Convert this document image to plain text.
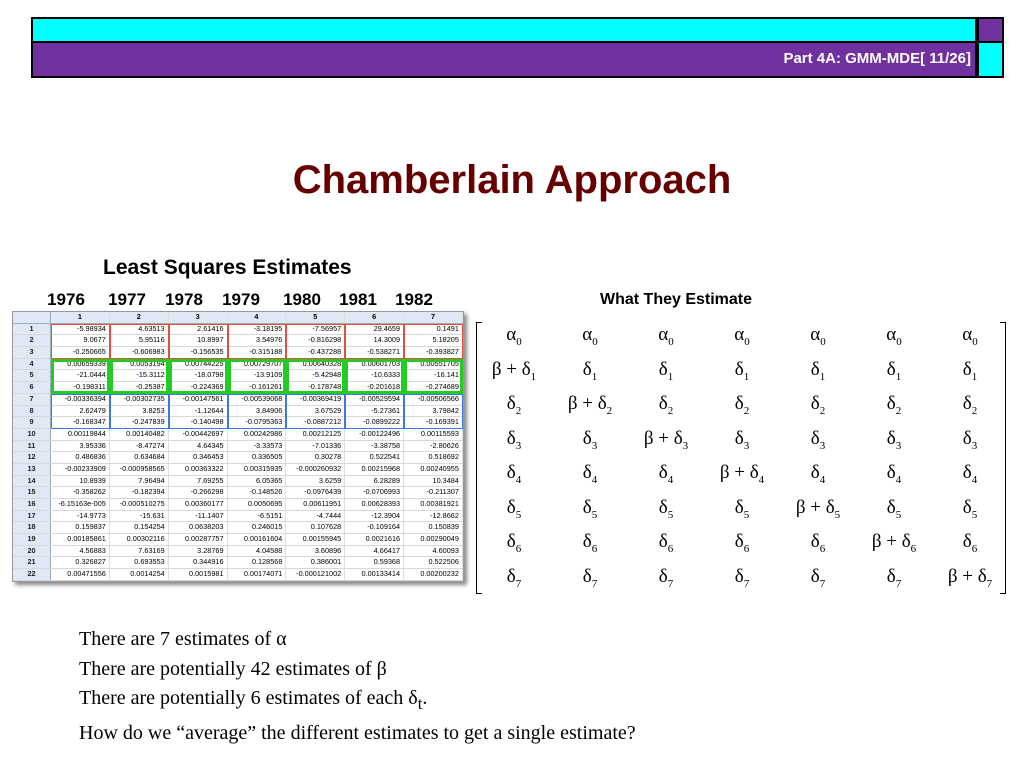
Part 4A: GMM-MDE[ 11/26]
Chamberlain Approach
Least Squares Estimates
1976	1977	1978	1979	1980	1981	1982
1	2	3	4	5	6	7
1	-5.98934	4.63513	2.61416	-3.18195	-7.56957	29.4659	0.1491
2	9.0677	5.95116	10.8997	3.54976	-0.816298	14.3009	5.18205
3	-0.250665	-0.606983	-0.156535	-0.315188	-0.437288	-0.538271	-0.393827
4	0.00659339	0.0053194	0.00744225	0.00729707	0.00640328	0.00601703	0.00551705
5	-21.0444	-15.3112	-18.0798	-13.9109	-5.42948	-10.6333	-16.141
6	-0.198311	-0.25387	-0.224369	-0.161261	-0.178748	-0.201618	-0.274689
7	-0.00336394	-0.00302735	-0.00147561	-0.00539068	-0.00369419	-0.00529594	-0.00506566
8	2.62479	3.8253	-1.12644	3.84906	3.67529	-5.27361	3.79842
9	-0.168347	-0.247839	-0.140498	-0.0795363	-0.0887212	-0.0899222	-0.169391
10	0.00119844	0.00140482	-0.00442697	0.00242986	0.00212125	-0.00122496	0.00115593
11	3.95336	-8.47274	4.64345	-3.33573	-7.01336	-3.38758	-2.80626
12	0.486836	0.634684	0.346453	0.336505	0.30278	0.522541	0.518692
13	-0.00233909	-0.000958565	0.00363322	0.00315935	-0.000260932	0.00215968	0.00240955
14	10.8939	7.96494	7.69255	6.05365	3.6259	6.28289	10.3484
15	-0.358262	-0.182394	-0.266298	-0.148526	-0.0976439	-0.0706993	-0.211307
16	-6.15163e-005	-0.000510275	0.00360177	0.0050695	0.00611951	0.00628393	0.00381921
17	-14.9773	-15.631	-11.1407	-6.5151	-4.7444	-12.3904	-12.8662
18	0.159837	0.154254	0.0638203	0.246015	0.107628	-0.109164	0.150839
19	0.00185861	0.00302116	0.00287757	0.00161604	0.00155945	0.0021616	0.00290049
20	4.56883	7.63169	3.28769	4.04588	3.60896	4.66417	4.60093
21	0.326827	0.693553	0.344916	0.128568	0.386001	0.59368	0.522506
22	0.00471556	0.0014254	0.0015981	0.00174071	-0.000121002	0.00133414	0.00200232
What They Estimate
$\alpha_0$	$\alpha_0$	$\alpha_0$	$\alpha_0$	$\alpha_0$	$\alpha_0$	$\alpha_0$
$\beta + \delta_1$	$\delta_1$	$\delta_1$	$\delta_1$	$\delta_1$	$\delta_1$	$\delta_1$
$\delta_2$	$\beta + \delta_2$	$\delta_2$	$\delta_2$	$\delta_2$	$\delta_2$	$\delta_2$
$\delta_3$	$\delta_3$	$\beta + \delta_3$	$\delta_3$	$\delta_3$	$\delta_3$	$\delta_3$
$\delta_4$	$\delta_4$	$\delta_4$	$\beta + \delta_4$	$\delta_4$	$\delta_4$	$\delta_4$
$\delta_5$	$\delta_5$	$\delta_5$	$\delta_5$	$\beta + \delta_5$	$\delta_5$	$\delta_5$
$\delta_6$	$\delta_6$	$\delta_6$	$\delta_6$	$\delta_6$	$\beta + \delta_6$	$\delta_6$
$\delta_7$	$\delta_7$	$\delta_7$	$\delta_7$	$\delta_7$	$\delta_7$	$\beta + \delta_7$
There are 7 estimates of α
There are potentially 42 estimates of β
There are potentially 6 estimates of each $\delta_t$.
How do we “average” the different estimates to get a single estimate?
